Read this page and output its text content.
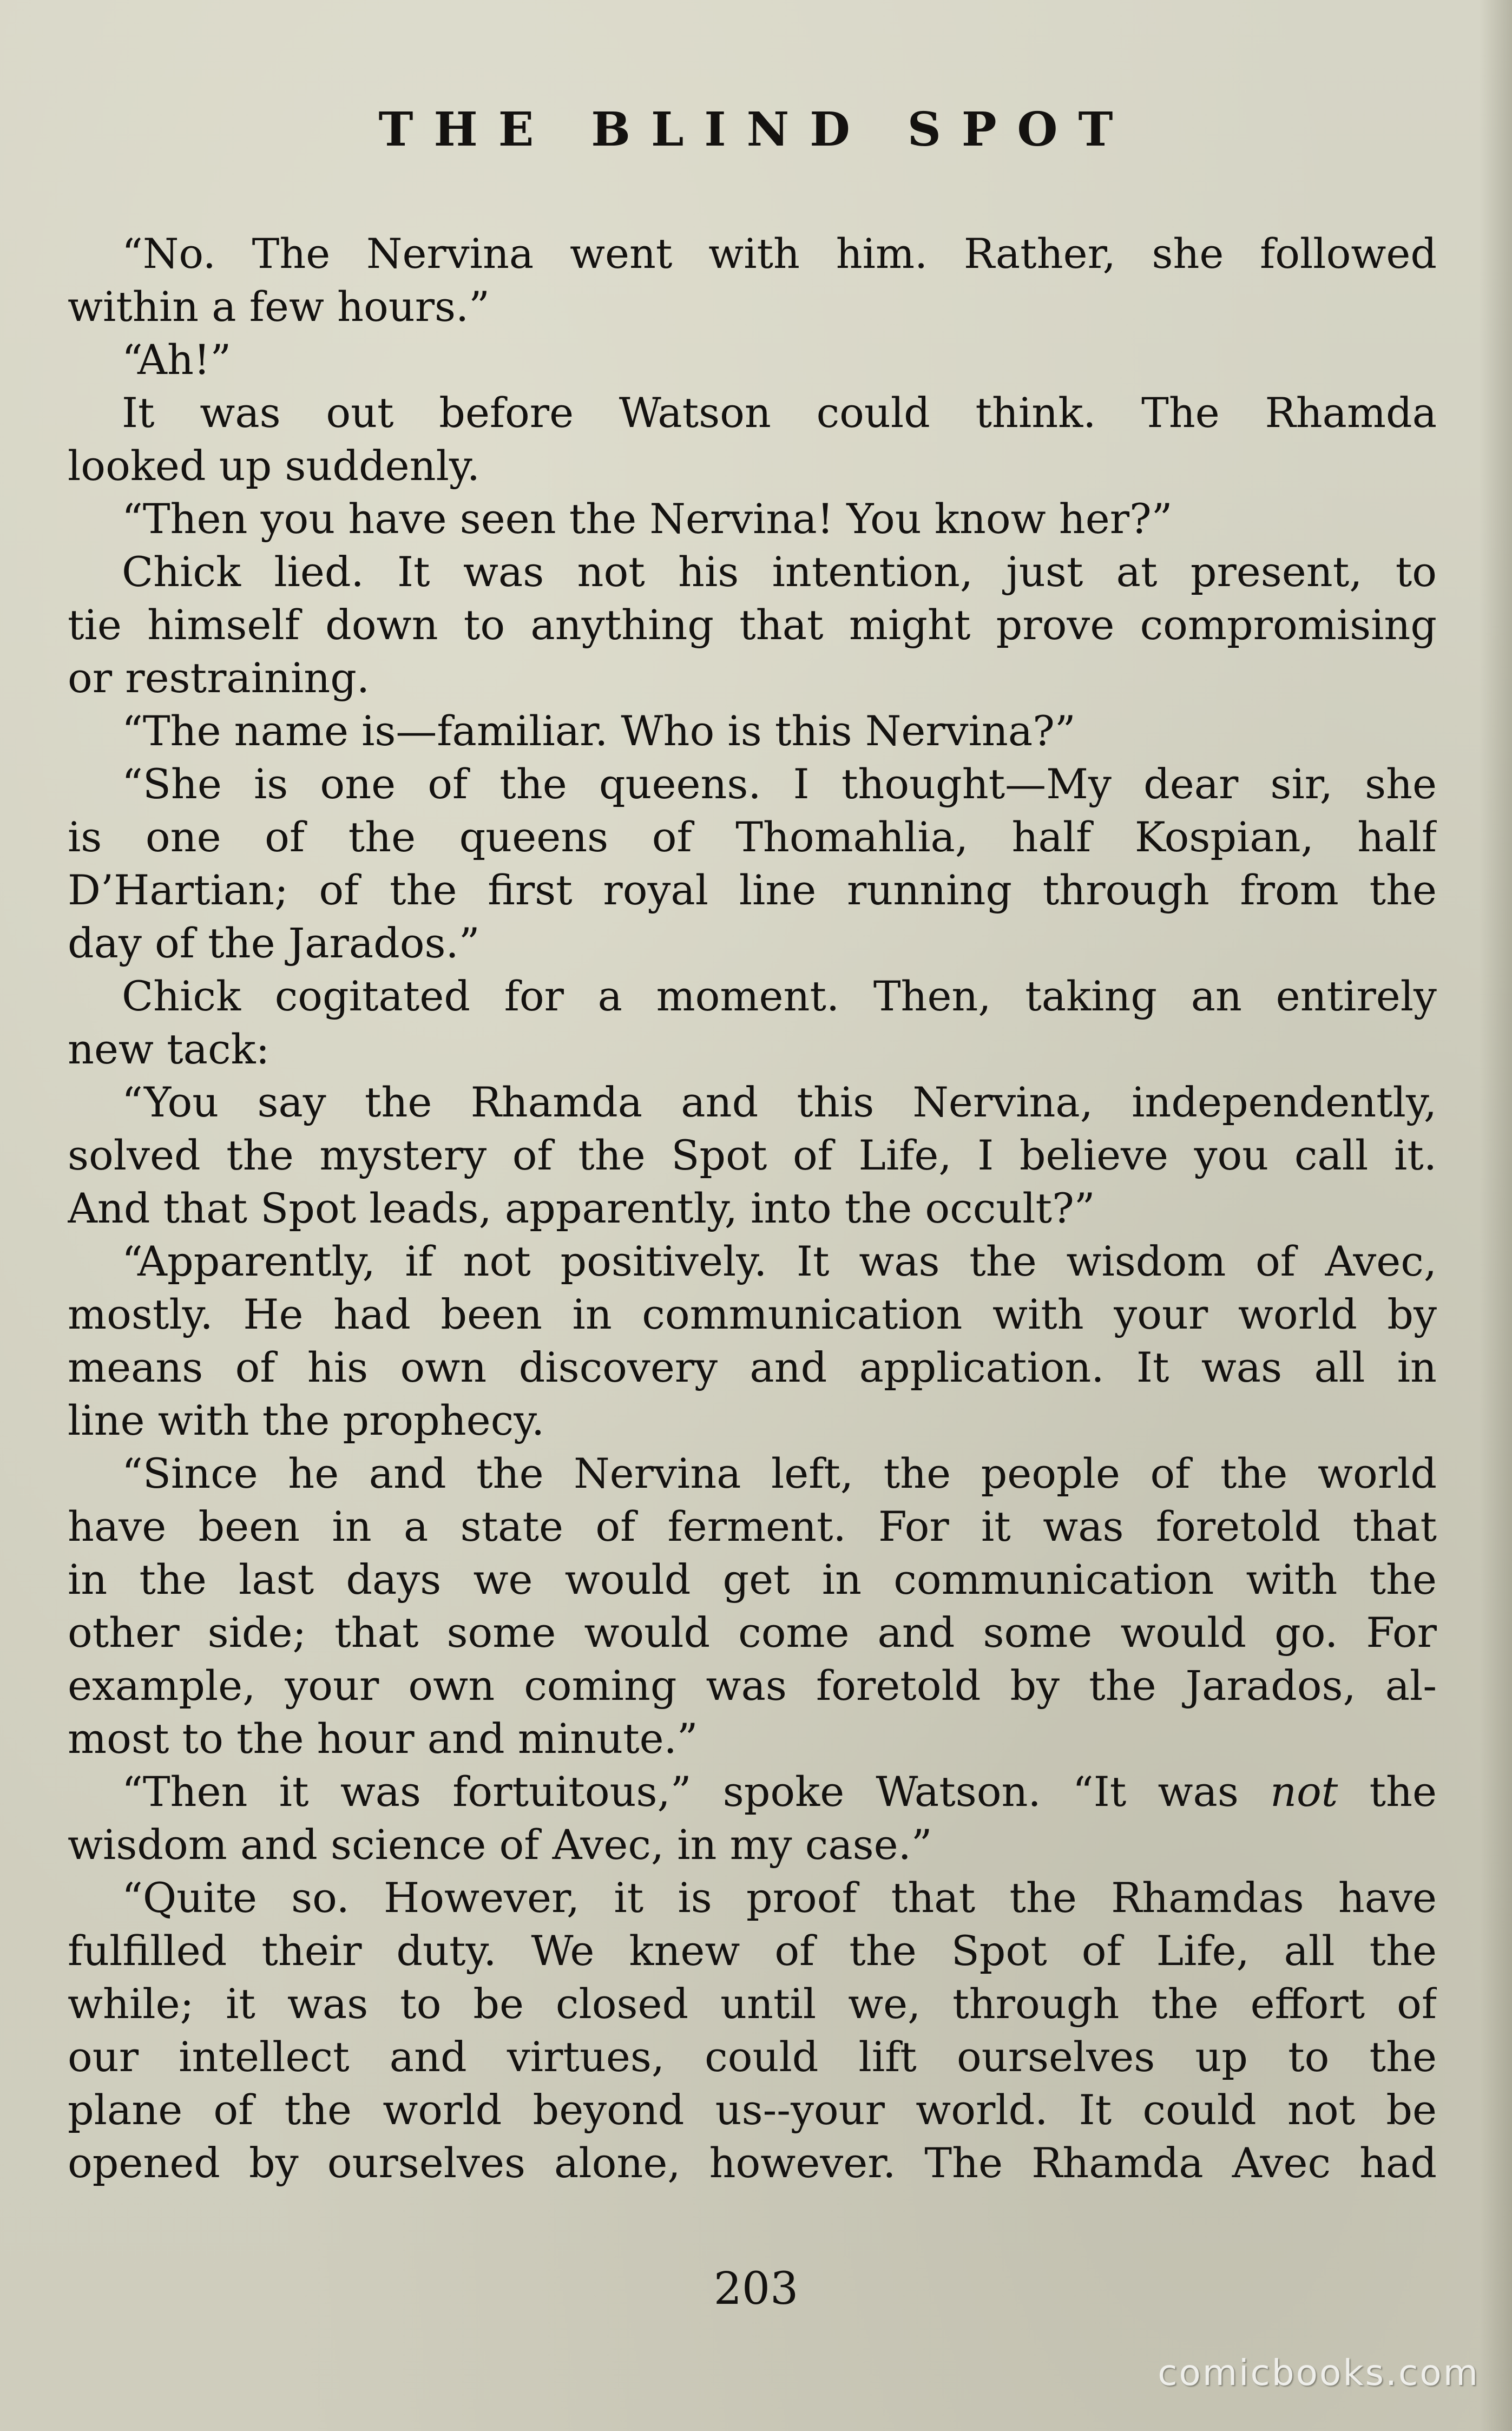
THE BLIND SPOT
“No. The Nervina went with him. Rather, she followed
within a few hours.”
“Ah!”
It was out before Watson could think. The Rhamda
looked up suddenly.
“Then you have seen the Nervina! You know her?”
Chick lied. It was not his intention, just at present, to
tie himself down to anything that might prove compromising
or restraining.
“The name is—familiar. Who is this Nervina?”
“She is one of the queens. I thought—My dear sir, she
is one of the queens of Thomahlia, half Kospian, half
D’Hartian; of the first royal line running through from the
day of the Jarados.”
Chick cogitated for a moment. Then, taking an entirely
new tack:
“You say the Rhamda and this Nervina, independently,
solved the mystery of the Spot of Life, I believe you call it.
And that Spot leads, apparently, into the occult?”
“Apparently, if not positively. It was the wisdom of Avec,
mostly. He had been in communication with your world by
means of his own discovery and application. It was all in
line with the prophecy.
“Since he and the Nervina left, the people of the world
have been in a state of ferment. For it was foretold that
in the last days we would get in communication with the
other side; that some would come and some would go. For
example, your own coming was foretold by the Jarados, al-
most to the hour and minute.”
“Then it was fortuitous,” spoke Watson. “It was not the
wisdom and science of Avec, in my case.”
“Quite so. However, it is proof that the Rhamdas have
fulfilled their duty. We knew of the Spot of Life, all the
while; it was to be closed until we, through the effort of
our intellect and virtues, could lift ourselves up to the
plane of the world beyond us--your world. It could not be
opened by ourselves alone, however. The Rhamda Avec had
203
comicbooks.com
